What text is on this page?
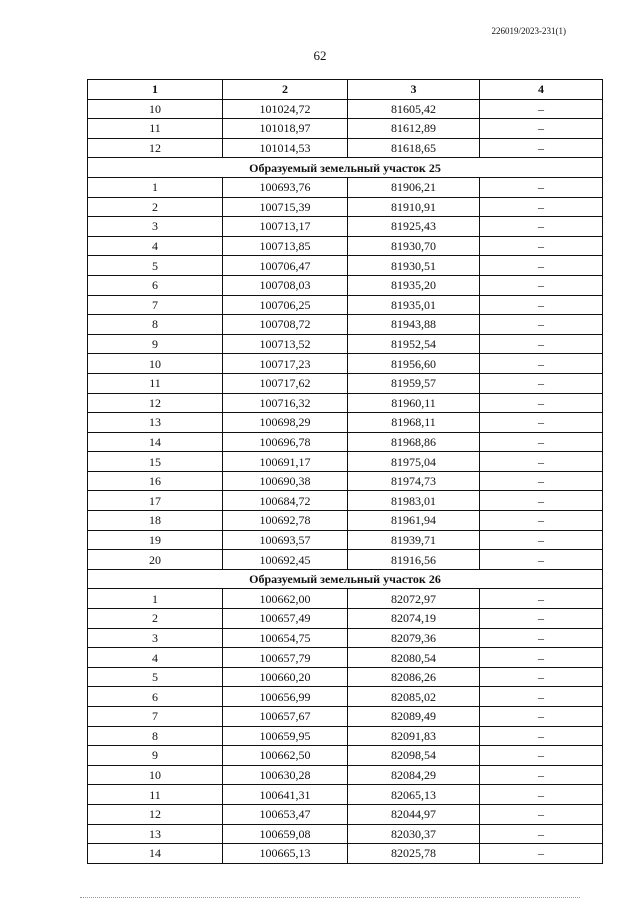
226019/2023-231(1)
62
1	2	3	4
10	101024,72	81605,42	–
11	101018,97	81612,89	–
12	101014,53	81618,65	–
Образуемый земельный участок 25			
1	100693,76	81906,21	–
2	100715,39	81910,91	–
3	100713,17	81925,43	–
4	100713,85	81930,70	–
5	100706,47	81930,51	–
6	100708,03	81935,20	–
7	100706,25	81935,01	–
8	100708,72	81943,88	–
9	100713,52	81952,54	–
10	100717,23	81956,60	–
11	100717,62	81959,57	–
12	100716,32	81960,11	–
13	100698,29	81968,11	–
14	100696,78	81968,86	–
15	100691,17	81975,04	–
16	100690,38	81974,73	–
17	100684,72	81983,01	–
18	100692,78	81961,94	–
19	100693,57	81939,71	–
20	100692,45	81916,56	–
Образуемый земельный участок 26			
1	100662,00	82072,97	–
2	100657,49	82074,19	–
3	100654,75	82079,36	–
4	100657,79	82080,54	–
5	100660,20	82086,26	–
6	100656,99	82085,02	–
7	100657,67	82089,49	–
8	100659,95	82091,83	–
9	100662,50	82098,54	–
10	100630,28	82084,29	–
11	100641,31	82065,13	–
12	100653,47	82044,97	–
13	100659,08	82030,37	–
14	100665,13	82025,78	–
